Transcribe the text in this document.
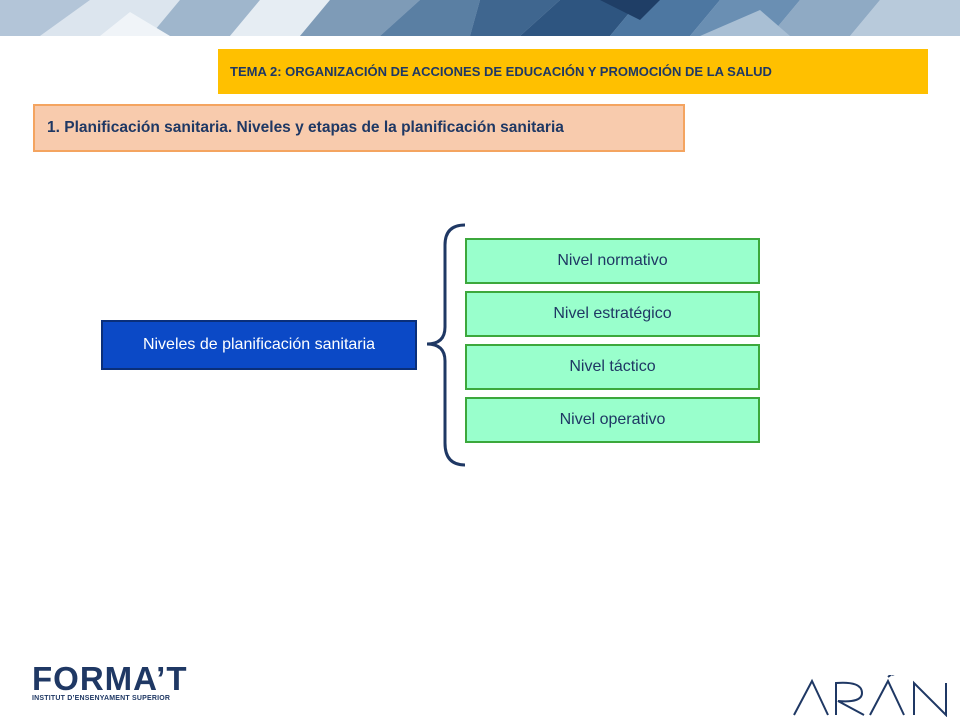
TEMA 2: ORGANIZACIÓN DE ACCIONES DE EDUCACIÓN Y PROMOCIÓN DE LA SALUD
1. Planificación sanitaria. Niveles y etapas de la planificación sanitaria
Niveles de planificación sanitaria
Nivel normativo
Nivel estratégico
Nivel táctico
Nivel operativo
FORMA’T
INSTITUT D’ENSENYAMENT SUPERIOR
